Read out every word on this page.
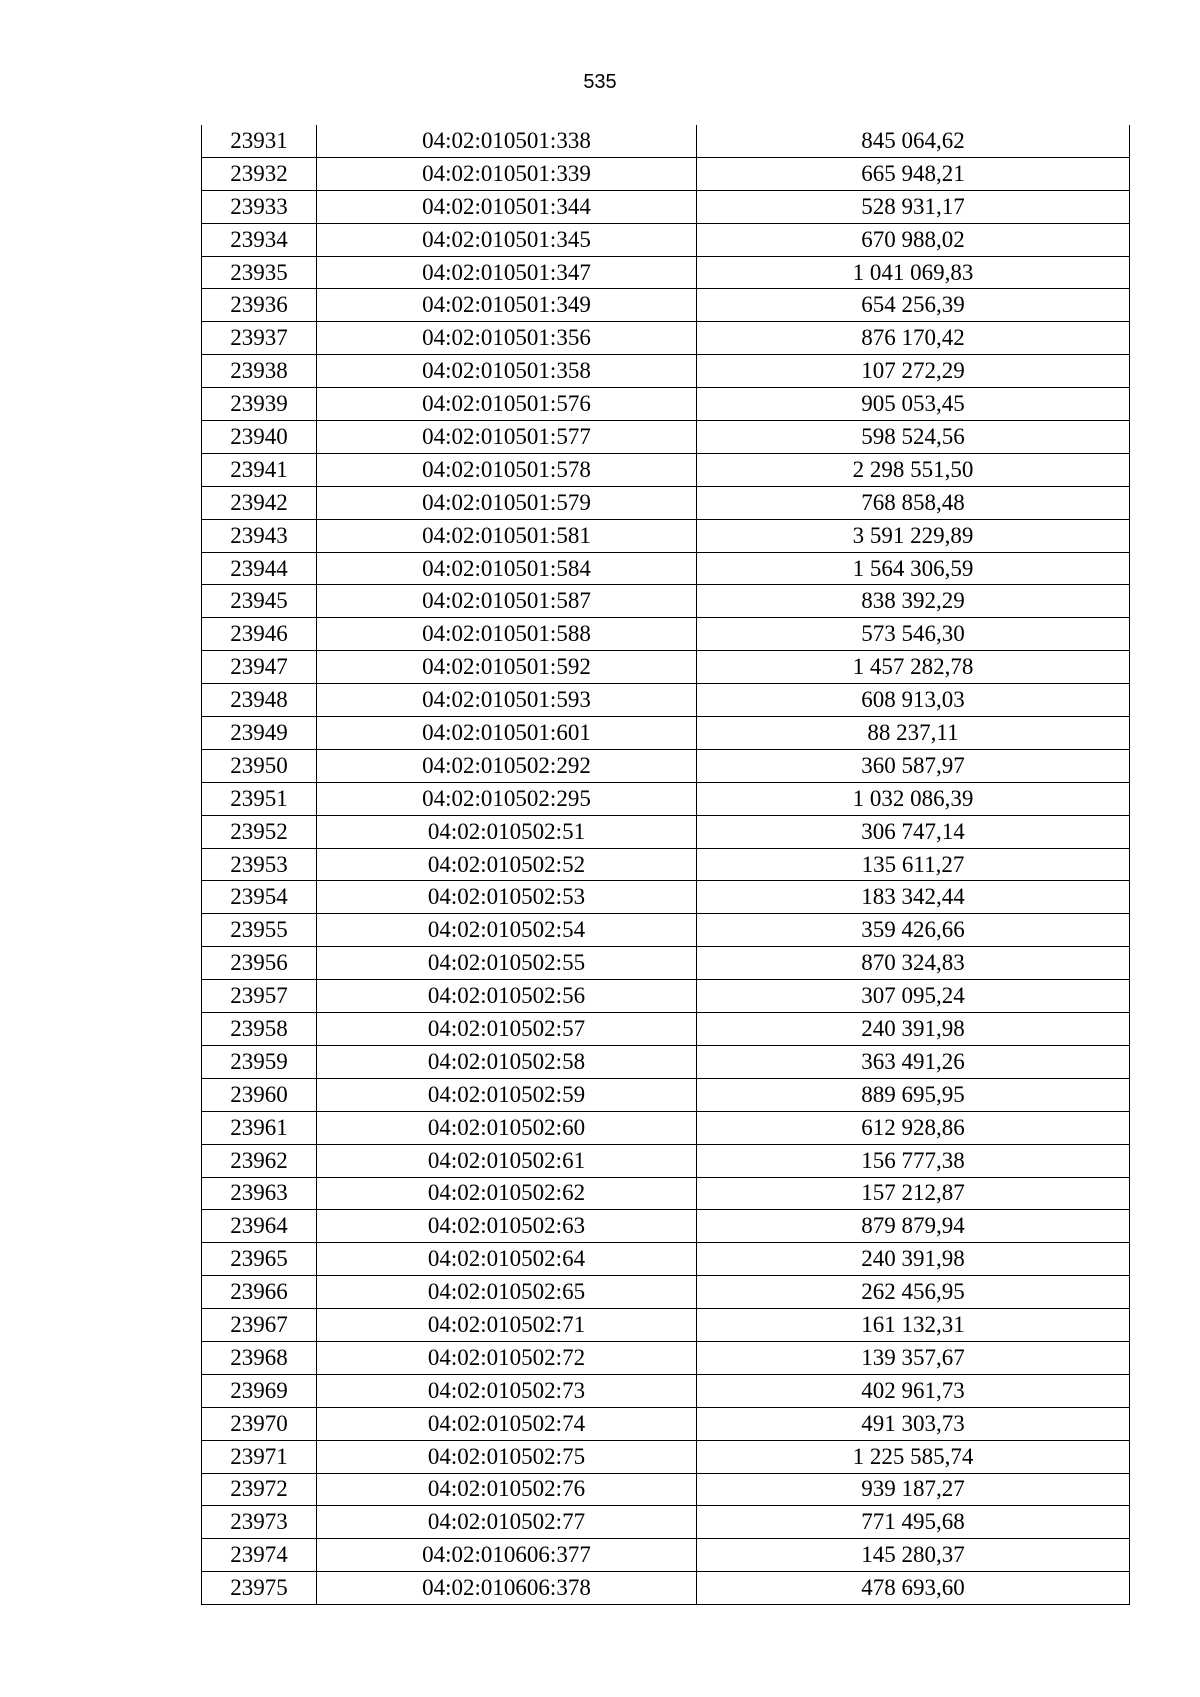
535
23931	04:02:010501:338	845 064,62
23932	04:02:010501:339	665 948,21
23933	04:02:010501:344	528 931,17
23934	04:02:010501:345	670 988,02
23935	04:02:010501:347	1 041 069,83
23936	04:02:010501:349	654 256,39
23937	04:02:010501:356	876 170,42
23938	04:02:010501:358	107 272,29
23939	04:02:010501:576	905 053,45
23940	04:02:010501:577	598 524,56
23941	04:02:010501:578	2 298 551,50
23942	04:02:010501:579	768 858,48
23943	04:02:010501:581	3 591 229,89
23944	04:02:010501:584	1 564 306,59
23945	04:02:010501:587	838 392,29
23946	04:02:010501:588	573 546,30
23947	04:02:010501:592	1 457 282,78
23948	04:02:010501:593	608 913,03
23949	04:02:010501:601	88 237,11
23950	04:02:010502:292	360 587,97
23951	04:02:010502:295	1 032 086,39
23952	04:02:010502:51	306 747,14
23953	04:02:010502:52	135 611,27
23954	04:02:010502:53	183 342,44
23955	04:02:010502:54	359 426,66
23956	04:02:010502:55	870 324,83
23957	04:02:010502:56	307 095,24
23958	04:02:010502:57	240 391,98
23959	04:02:010502:58	363 491,26
23960	04:02:010502:59	889 695,95
23961	04:02:010502:60	612 928,86
23962	04:02:010502:61	156 777,38
23963	04:02:010502:62	157 212,87
23964	04:02:010502:63	879 879,94
23965	04:02:010502:64	240 391,98
23966	04:02:010502:65	262 456,95
23967	04:02:010502:71	161 132,31
23968	04:02:010502:72	139 357,67
23969	04:02:010502:73	402 961,73
23970	04:02:010502:74	491 303,73
23971	04:02:010502:75	1 225 585,74
23972	04:02:010502:76	939 187,27
23973	04:02:010502:77	771 495,68
23974	04:02:010606:377	145 280,37
23975	04:02:010606:378	478 693,60
